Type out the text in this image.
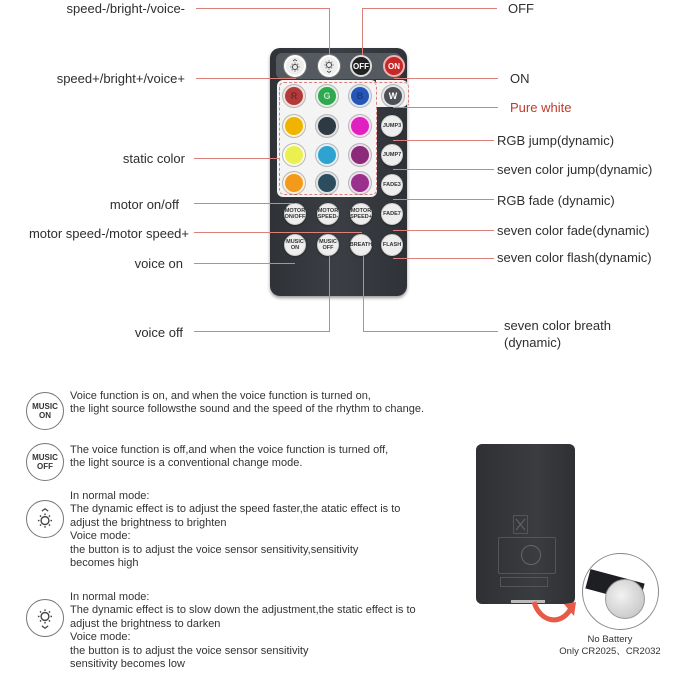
OFF	ON
R	G	B	W
JUMP3
JUMP7
FADE3
FADE7
FLASH
MOTOR ON/OFF
MOTOR SPEED-
MOTOR SPEED+
MUSIC ON
MUSIC OFF	BREATH
speed-/bright-/voice-
speed+/bright+/voice+
static color
motor on/off
motor speed-/motor speed+
voice on
voice off
OFF
ON
Pure white
RGB jump(dynamic)
seven color jump(dynamic)
RGB fade (dynamic)
seven color fade(dynamic)
seven color flash(dynamic)
seven color breath
(dynamic)
MUSIC
ON
Voice function is on, and when the voice function is turned on,
the light source followsthe sound and the speed of the rhythm to change.
MUSIC
OFF
The voice function is off,and when the voice function is turned off,
the light source is a conventional change mode.
In normal mode:
The dynamic effect is to adjust the speed faster,the atatic effect is to
adjust the brightness to brighten
Voice mode:
the button is to adjust the voice sensor sensitivity,sensitivity
becomes high
In normal mode:
The dynamic effect is to slow down the adjustment,the static effect is to
adjust the brightness to darken
Voice mode:
the button is to adjust the voice sensor sensitivity
sensitivity becomes low
No Battery
Only CR2025、CR2032
